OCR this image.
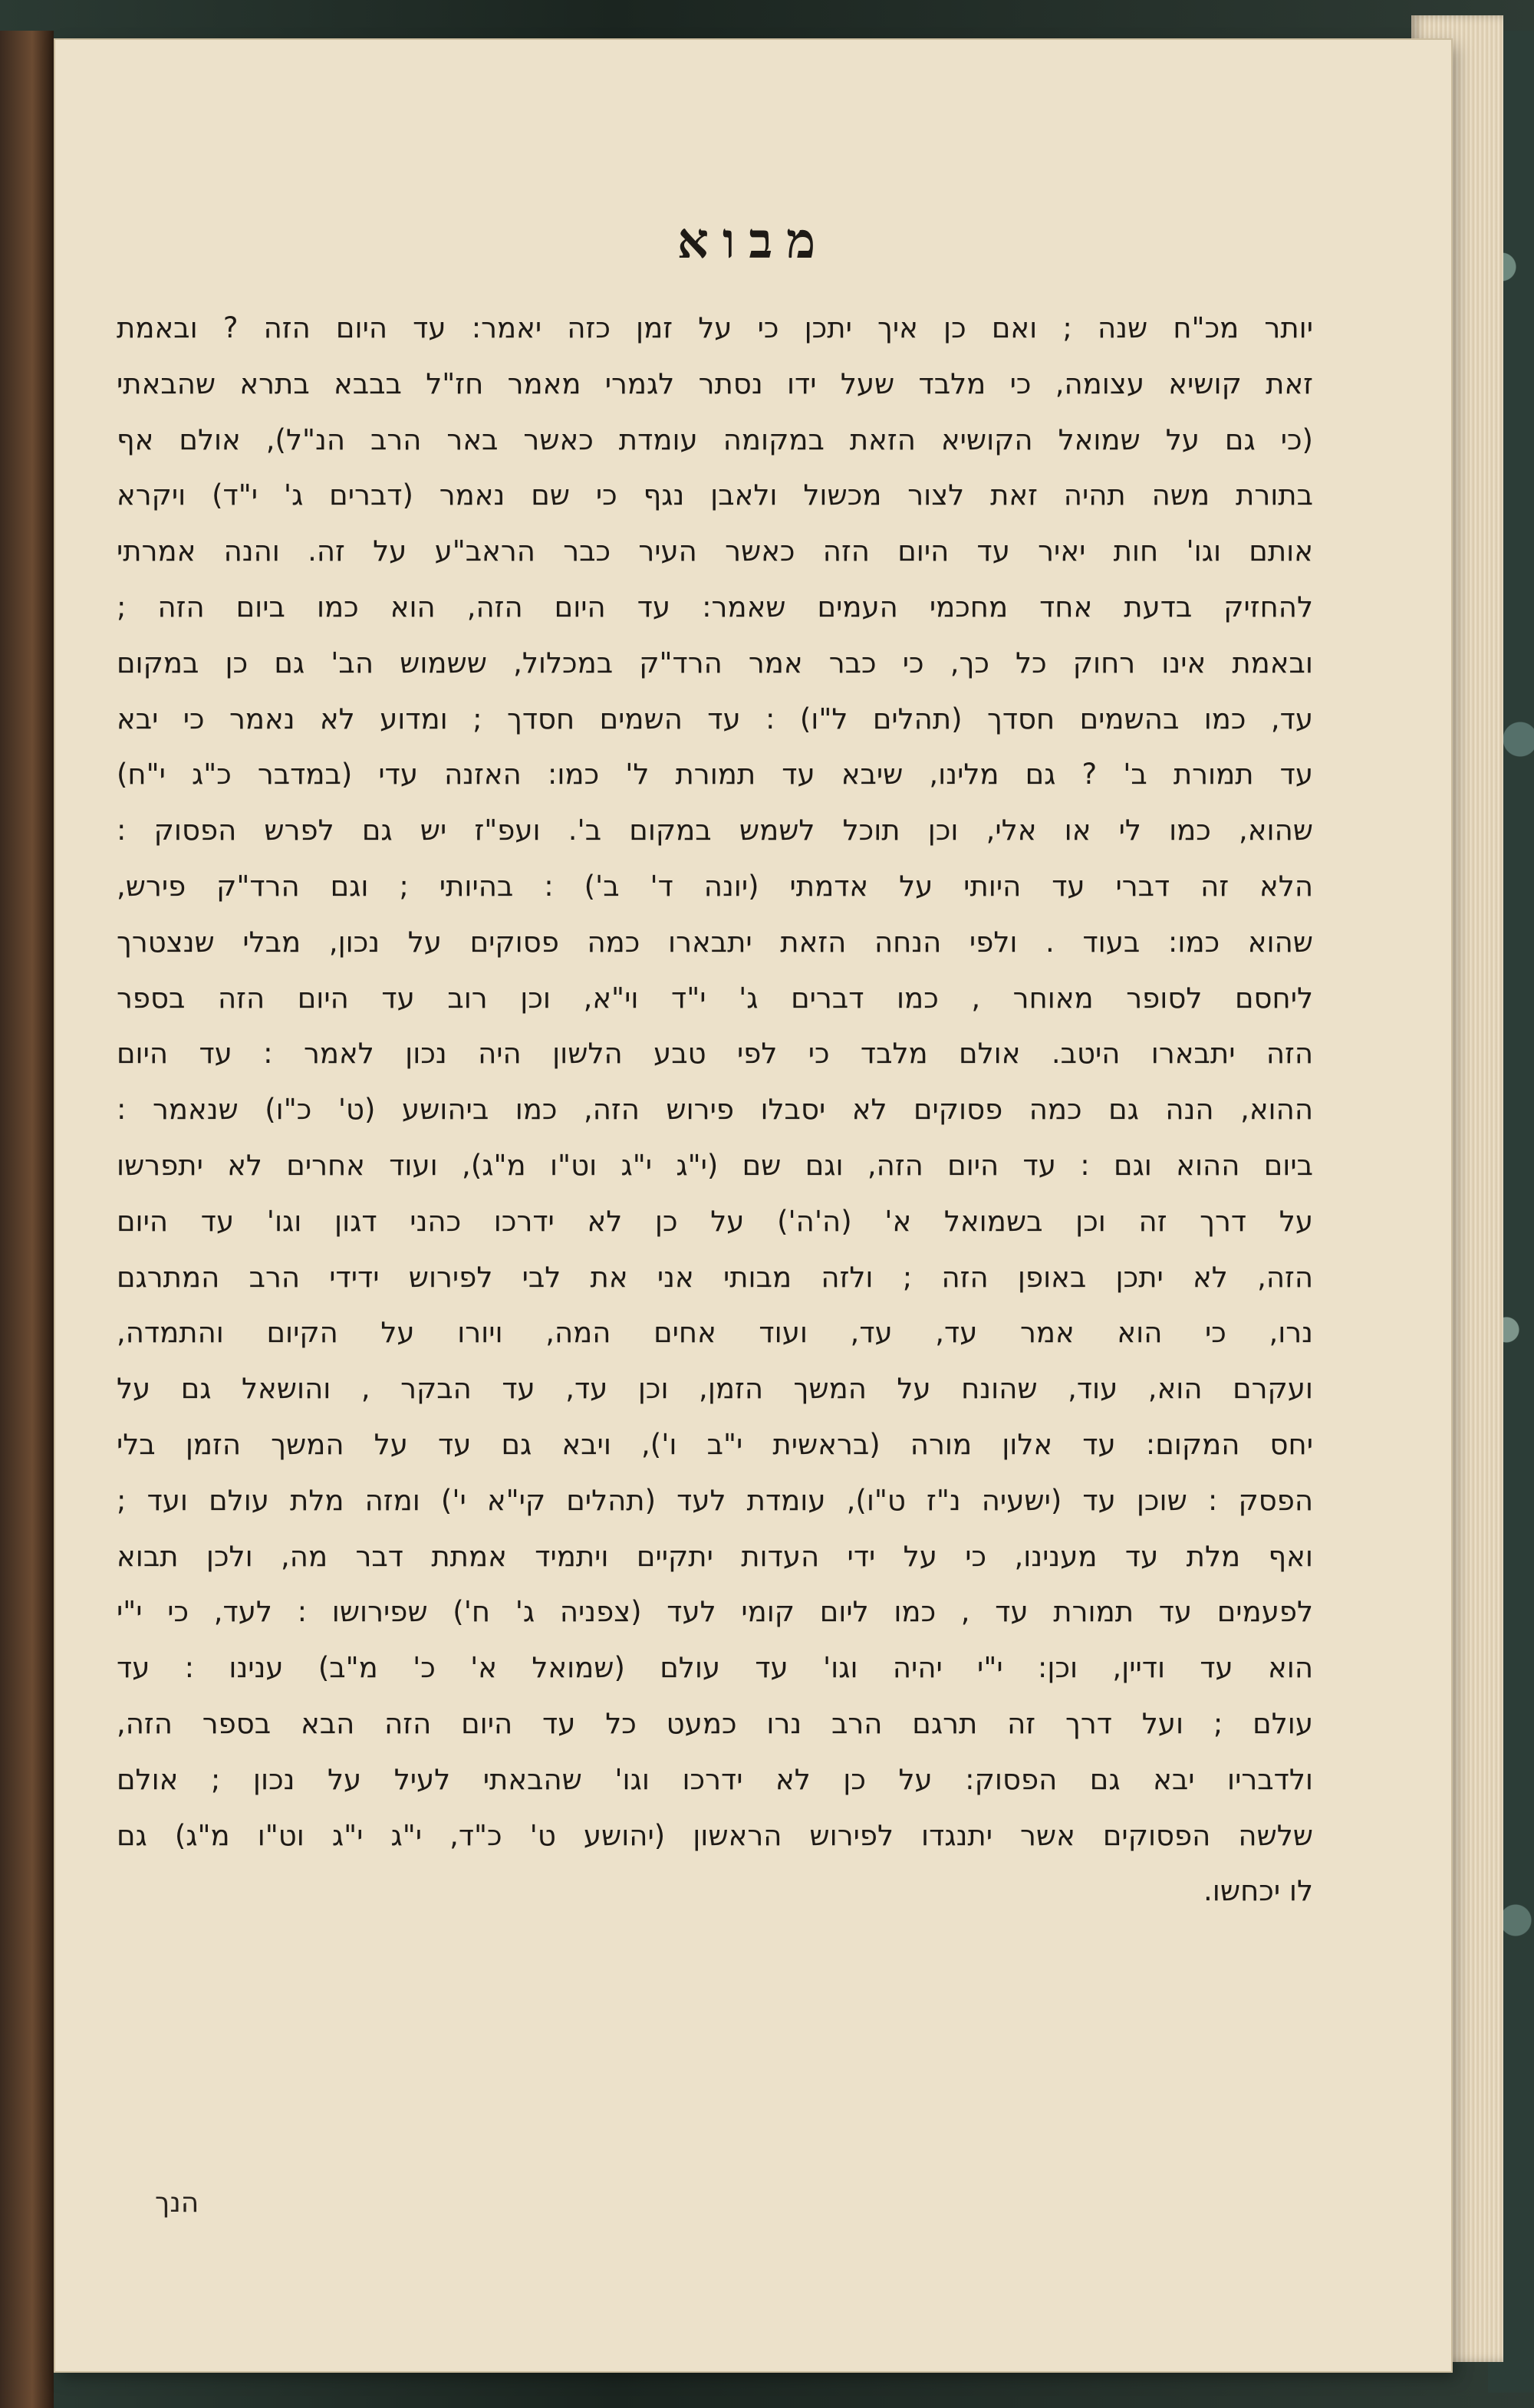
מבוא
יותר מכ"ח שנה ; ואם כן איך יתכן כי על זמן כזה יאמר: עד היום הזה ? ובאמת
זאת קושיא עצומה, כי מלבד שעל ידו נסתר לגמרי מאמר חז"ל בבבא בתרא שהבאתי
(כי גם על שמואל הקושיא הזאת במקומה עומדת כאשר באר הרב הנ"ל), אולם אף
בתורת משה תהיה זאת לצור מכשול ולאבן נגף כי שם נאמר (דברים ג' י"ד) ויקרא
אותם וגו' חות יאיר עד היום הזה כאשר העיר כבר הראב"ע על זה. והנה אמרתי
להחזיק בדעת אחד מחכמי העמים שאמר: עד היום הזה, הוא כמו ביום הזה ;
ובאמת אינו רחוק כל כך, כי כבר אמר הרד"ק במכלול, ששמוש הב' גם כן במקום
עד, כמו בהשמים חסדך (תהלים ל"ו) : עד השמים חסדך ; ומדוע לא נאמר כי יבא
עד תמורת ב' ? גם מלינו, שיבא עד תמורת ל' כמו: האזנה עדי (במדבר כ"ג י"ח)
שהוא, כמו לי או אלי, וכן תוכל לשמש במקום ב'. ועפ"ז יש גם לפרש הפסוק :
הלא זה דברי עד היותי על אדמתי (יונה ד' ב') : בהיותי ; וגם הרד"ק פירש,
שהוא כמו: בעוד . ולפי הנחה הזאת יתבארו כמה פסוקים על נכון, מבלי שנצטרך
ליחסם לסופר מאוחר , כמו דברים ג' י"ד וי"א, וכן רוב עד היום הזה בספר
הזה יתבארו היטב. אולם מלבד כי לפי טבע הלשון היה נכון לאמר : עד היום
ההוא, הנה גם כמה פסוקים לא יסבלו פירוש הזה, כמו ביהושע (ט' כ"ו) שנאמר :
ביום ההוא וגם : עד היום הזה, וגם שם (י"ג י"ג וט"ו מ"ג), ועוד אחרים לא יתפרשו
על דרך זה וכן בשמואל א' (ה'ה') על כן לא ידרכו כהני דגון וגו' עד היום
הזה, לא יתכן באופן הזה ; ולזה מבותי אני את לבי לפירוש ידידי הרב המתרגם
נרו, כי הוא אמר עד, עד, ועוד אחים המה, ויורו על הקיום והתמדה,
ועקרם הוא, עוד, שהונח על המשך הזמן, וכן עד, עד הבקר , והושאל גם על
יחס המקום: עד אלון מורה (בראשית י"ב ו'), ויבא גם עד על המשך הזמן בלי
הפסק : שוכן עד (ישעיה נ"ז ט"ו), עומדת לעד (תהלים קי"א י') ומזה מלת עולם ועד ;
ואף מלת עד מענינו, כי על ידי העדות יתקיים ויתמיד אמתת דבר מה, ולכן תבוא
לפעמים עד תמורת עד , כמו ליום קומי לעד (צפניה ג' ח') שפירושו : לעד, כי י"י
הוא עד ודיין, וכן: י"י יהיה וגו' עד עולם (שמואל א' כ' מ"ב) ענינו : עד
עולם ; ועל דרך זה תרגם הרב נרו כמעט כל עד היום הזה הבא בספר הזה,
ולדבריו יבא גם הפסוק: על כן לא ידרכו וגו' שהבאתי לעיל על נכון ; אולם
שלשה הפסוקים אשר יתנגדו לפירוש הראשון (יהושע ט' כ"ד, י"ג י"ג וט"ו מ"ג) גם
לו יכחשו.
הנך
